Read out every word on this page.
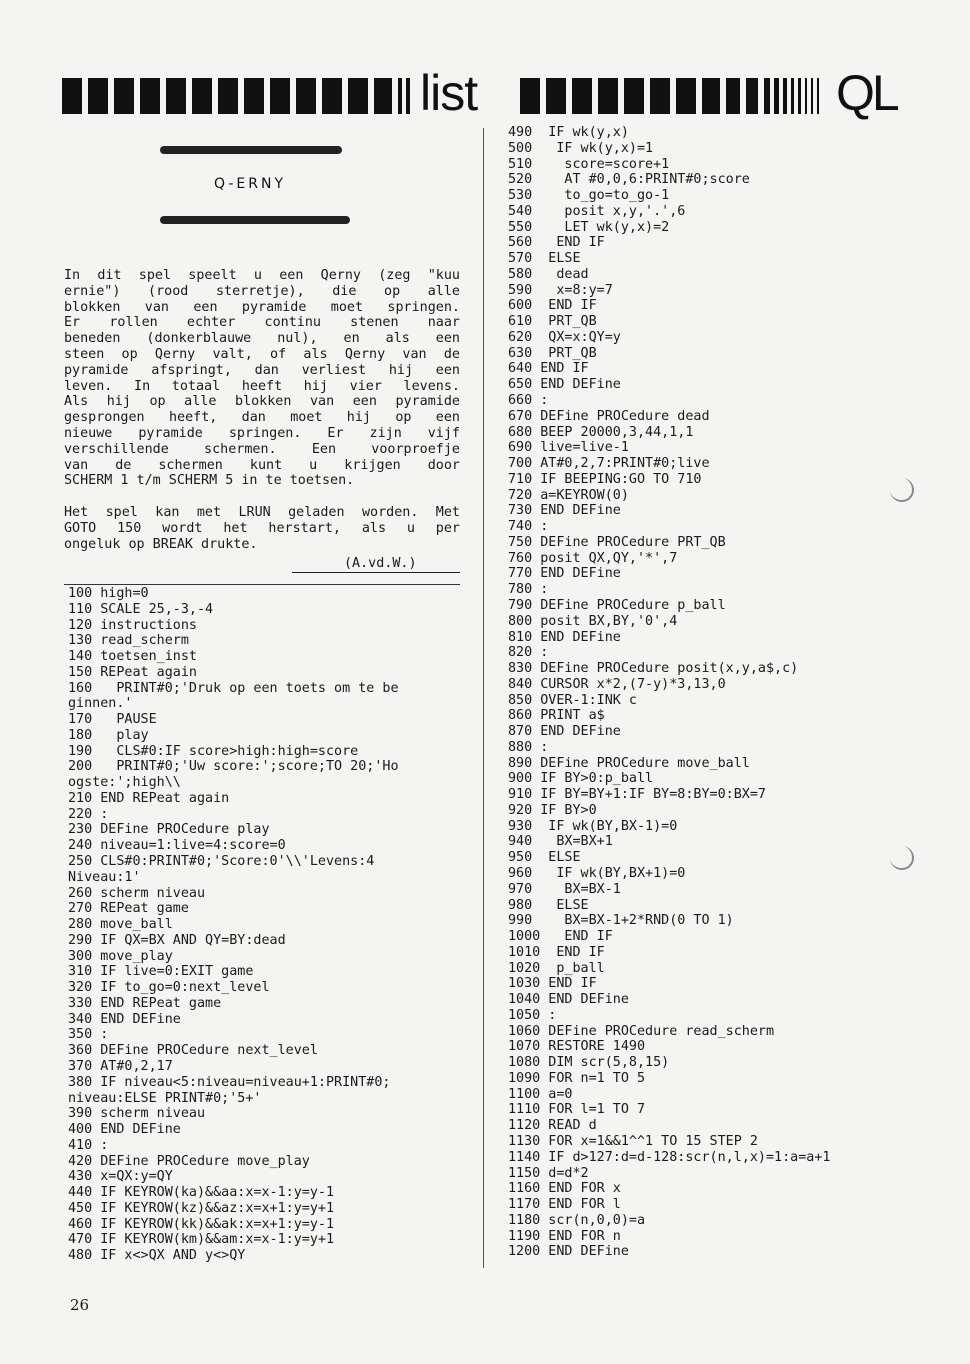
list	QL
Q-ERNY
In dit spel speelt u een Qerny (zeg "kuu
ernie") (rood sterretje), die op alle
blokken van een pyramide moet springen.
Er rollen echter continu stenen naar
beneden (donkerblauwe nul), en als een
steen op Qerny valt, of als Qerny van de
pyramide afspringt, dan verliest hij een
leven. In totaal heeft hij vier levens.
Als hij op alle blokken van een pyramide
gesprongen heeft, dan moet hij op een
nieuwe pyramide springen. Er zijn vijf
verschillende schermen. Een voorproefje
van de schermen kunt u krijgen door
SCHERM 1 t/m SCHERM 5 in te toetsen.
Het spel kan met LRUN geladen worden. Met
GOTO 150 wordt het herstart, als u per
ongeluk op BREAK drukte.
(A.vd.W.)
100 high=0
110 SCALE 25,-3,-4
120 instructions
130 read_scherm
140 toetsen_inst
150 REPeat again
160   PRINT#0;'Druk op een toets om te be
ginnen.'
170   PAUSE
180   play
190   CLS#0:IF score>high:high=score
200   PRINT#0;'Uw score:';score;TO 20;'Ho
ogste:';high\\
210 END REPeat again
220 :
230 DEFine PROCedure play
240 niveau=1:live=4:score=0
250 CLS#0:PRINT#0;'Score:0'\\'Levens:4
Niveau:1'
260 scherm niveau
270 REPeat game
280 move_ball
290 IF QX=BX AND QY=BY:dead
300 move_play
310 IF live=0:EXIT game
320 IF to_go=0:next_level
330 END REPeat game
340 END DEFine
350 :
360 DEFine PROCedure next_level
370 AT#0,2,17
380 IF niveau<5:niveau=niveau+1:PRINT#0;
niveau:ELSE PRINT#0;'5+'
390 scherm niveau
400 END DEFine
410 :
420 DEFine PROCedure move_play
430 x=QX:y=QY
440 IF KEYROW(ka)&&aa:x=x-1:y=y-1
450 IF KEYROW(kz)&&az:x=x+1:y=y+1
460 IF KEYROW(kk)&&ak:x=x+1:y=y-1
470 IF KEYROW(km)&&am:x=x-1:y=y+1
480 IF x<>QX AND y<>QY
490  IF wk(y,x)
500   IF wk(y,x)=1
510    score=score+1
520    AT #0,0,6:PRINT#0;score
530    to_go=to_go-1
540    posit x,y,'.',6
550    LET wk(y,x)=2
560   END IF
570  ELSE
580   dead
590   x=8:y=7
600  END IF
610  PRT_QB
620  QX=x:QY=y
630  PRT_QB
640 END IF
650 END DEFine
660 :
670 DEFine PROCedure dead
680 BEEP 20000,3,44,1,1
690 live=live-1
700 AT#0,2,7:PRINT#0;live
710 IF BEEPING:GO TO 710
720 a=KEYROW(0)
730 END DEFine
740 :
750 DEFine PROCedure PRT_QB
760 posit QX,QY,'*',7
770 END DEFine
780 :
790 DEFine PROCedure p_ball
800 posit BX,BY,'0',4
810 END DEFine
820 :
830 DEFine PROCedure posit(x,y,a$,c)
840 CURSOR x*2,(7-y)*3,13,0
850 OVER-1:INK c
860 PRINT a$
870 END DEFine
880 :
890 DEFine PROCedure move_ball
900 IF BY>0:p_ball
910 IF BY=BY+1:IF BY=8:BY=0:BX=7
920 IF BY>0
930  IF wk(BY,BX-1)=0
940   BX=BX+1
950  ELSE
960   IF wk(BY,BX+1)=0
970    BX=BX-1
980   ELSE
990    BX=BX-1+2*RND(0 TO 1)
1000   END IF
1010  END IF
1020  p_ball
1030 END IF
1040 END DEFine
1050 :
1060 DEFine PROCedure read_scherm
1070 RESTORE 1490
1080 DIM scr(5,8,15)
1090 FOR n=1 TO 5
1100 a=0
1110 FOR l=1 TO 7
1120 READ d
1130 FOR x=1&&1^^1 TO 15 STEP 2
1140 IF d>127:d=d-128:scr(n,l,x)=1:a=a+1
1150 d=d*2
1160 END FOR x
1170 END FOR l
1180 scr(n,0,0)=a
1190 END FOR n
1200 END DEFine
26
